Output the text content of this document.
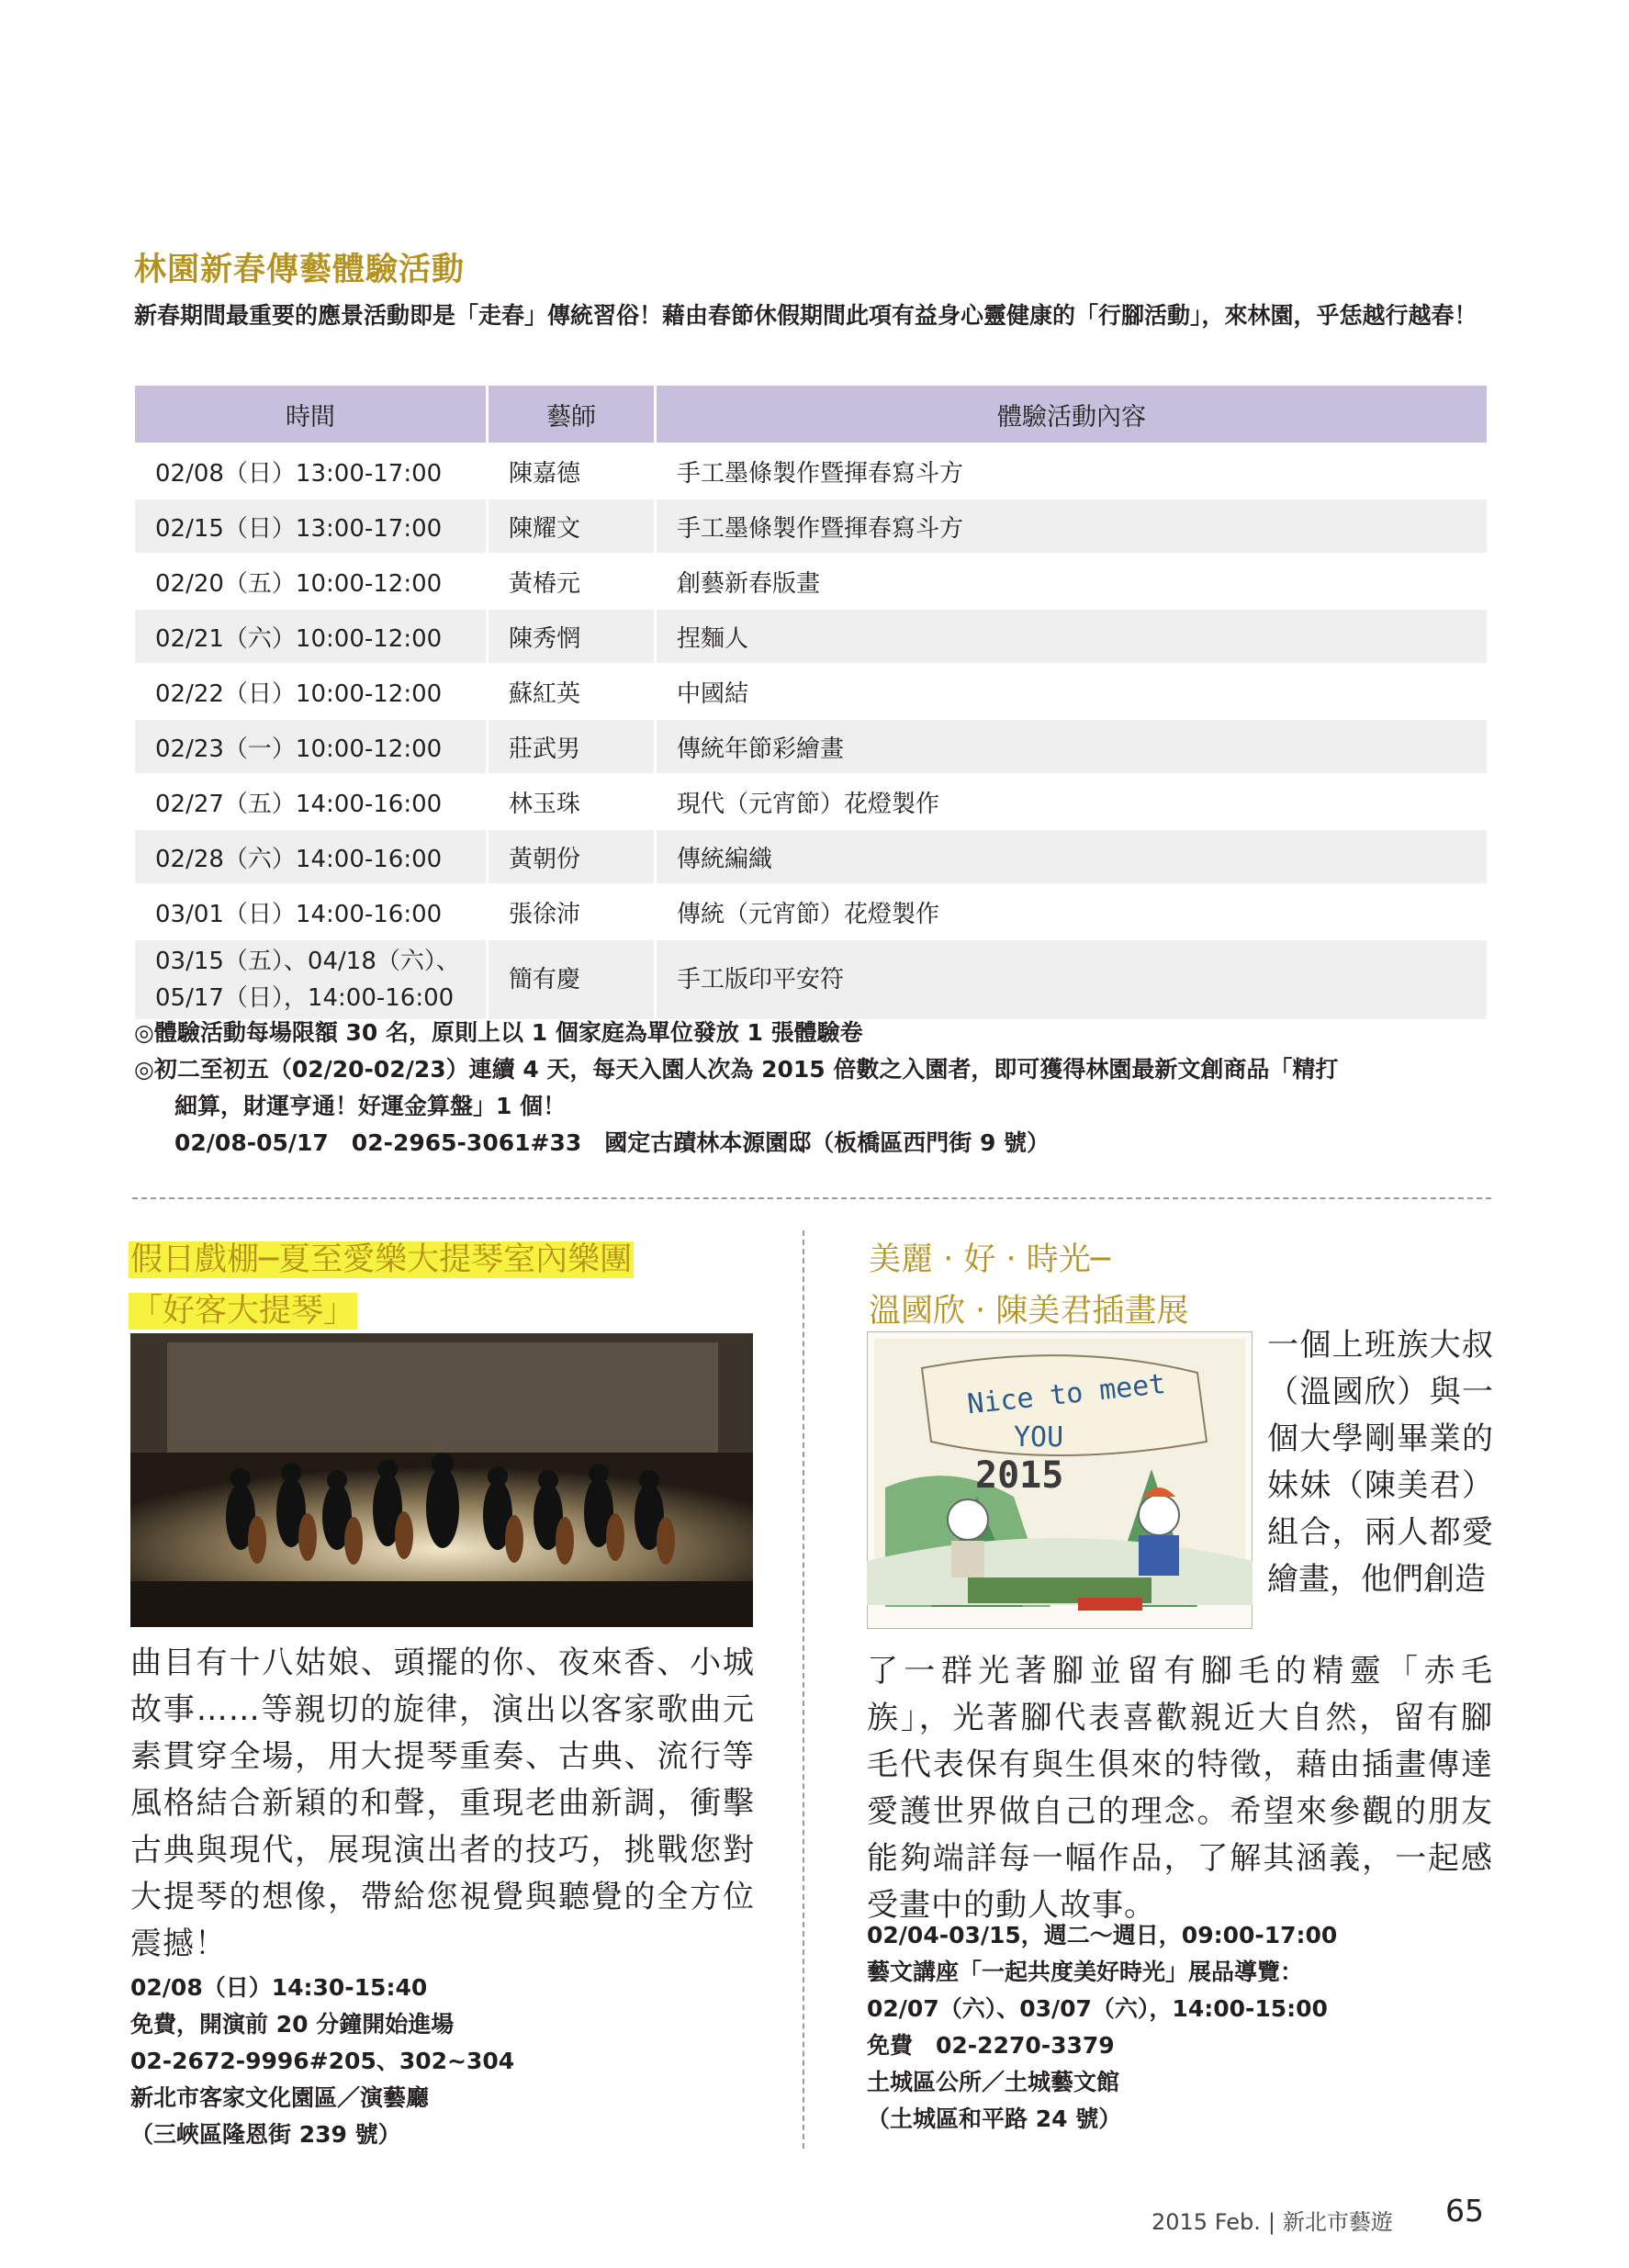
林園新春傳藝體驗活動
新春期間最重要的應景活動即是「走春」傳統習俗！藉由春節休假期間此項有益身心靈健康的「行腳活動」，來林園，乎恁越行越春！
時間	藝師	體驗活動內容
02/08（日）13:00-17:00	陳嘉德	手工墨條製作暨揮春寫斗方
02/15（日）13:00-17:00	陳耀文	手工墨條製作暨揮春寫斗方
02/20（五）10:00-12:00	黃椿元	創藝新春版畫
02/21（六）10:00-12:00	陳秀惘	捏麵人
02/22（日）10:00-12:00	蘇紅英	中國結
02/23（一）10:00-12:00	莊武男	傳統年節彩繪畫
02/27（五）14:00-16:00	林玉珠	現代（元宵節）花燈製作
02/28（六）14:00-16:00	黃朝份	傳統編織
03/01（日）14:00-16:00	張徐沛	傳統（元宵節）花燈製作
03/15（五）、04/18（六）、
05/17（日），14:00-16:00	簡有慶	手工版印平安符
◎體驗活動每場限額 30 名，原則上以 1 個家庭為單位發放 1 張體驗卷
◎初二至初五（02/20-02/23）連續 4 天，每天入園人次為 2015 倍數之入園者，即可獲得林園最新文創商品「精打
細算，財運亨通！好運金算盤」1 個！
02/08-05/17　02-2965-3061#33　國定古蹟林本源園邸（板橋區西門街 9 號）
假日戲棚─夏至愛樂大提琴室內樂團
「好客大提琴」
曲目有十八姑娘、頭擺的你、夜來香、小城故事……等親切的旋律，演出以客家歌曲元素貫穿全場，用大提琴重奏、古典、流行等風格結合新穎的和聲，重現老曲新調，衝擊古典與現代，展現演出者的技巧，挑戰您對大提琴的想像，帶給您視覺與聽覺的全方位震撼！
02/08（日）14:30-15:40
免費，開演前 20 分鐘開始進場
02-2672-9996#205、302~304
新北市客家文化園區／演藝廳
（三峽區隆恩街 239 號）
美麗 ‧ 好 ‧ 時光─
溫國欣 ‧ 陳美君插畫展
Nice to meet
YOU
2015
一個上班族大叔（溫國欣）與一個大學剛畢業的妹妹（陳美君）組合，兩人都愛繪畫，他們創造
了一群光著腳並留有腳毛的精靈「赤毛族」，光著腳代表喜歡親近大自然，留有腳毛代表保有與生俱來的特徵，藉由插畫傳達愛護世界做自己的理念。希望來參觀的朋友能夠端詳每一幅作品，了解其涵義，一起感受畫中的動人故事。
02/04-03/15，週二～週日，09:00-17:00
藝文講座「一起共度美好時光」展品導覽：
02/07（六）、03/07（六），14:00-15:00
免費　02-2270-3379
土城區公所／土城藝文館
（土城區和平路 24 號）
2015 Feb. | 新北市藝遊 65
